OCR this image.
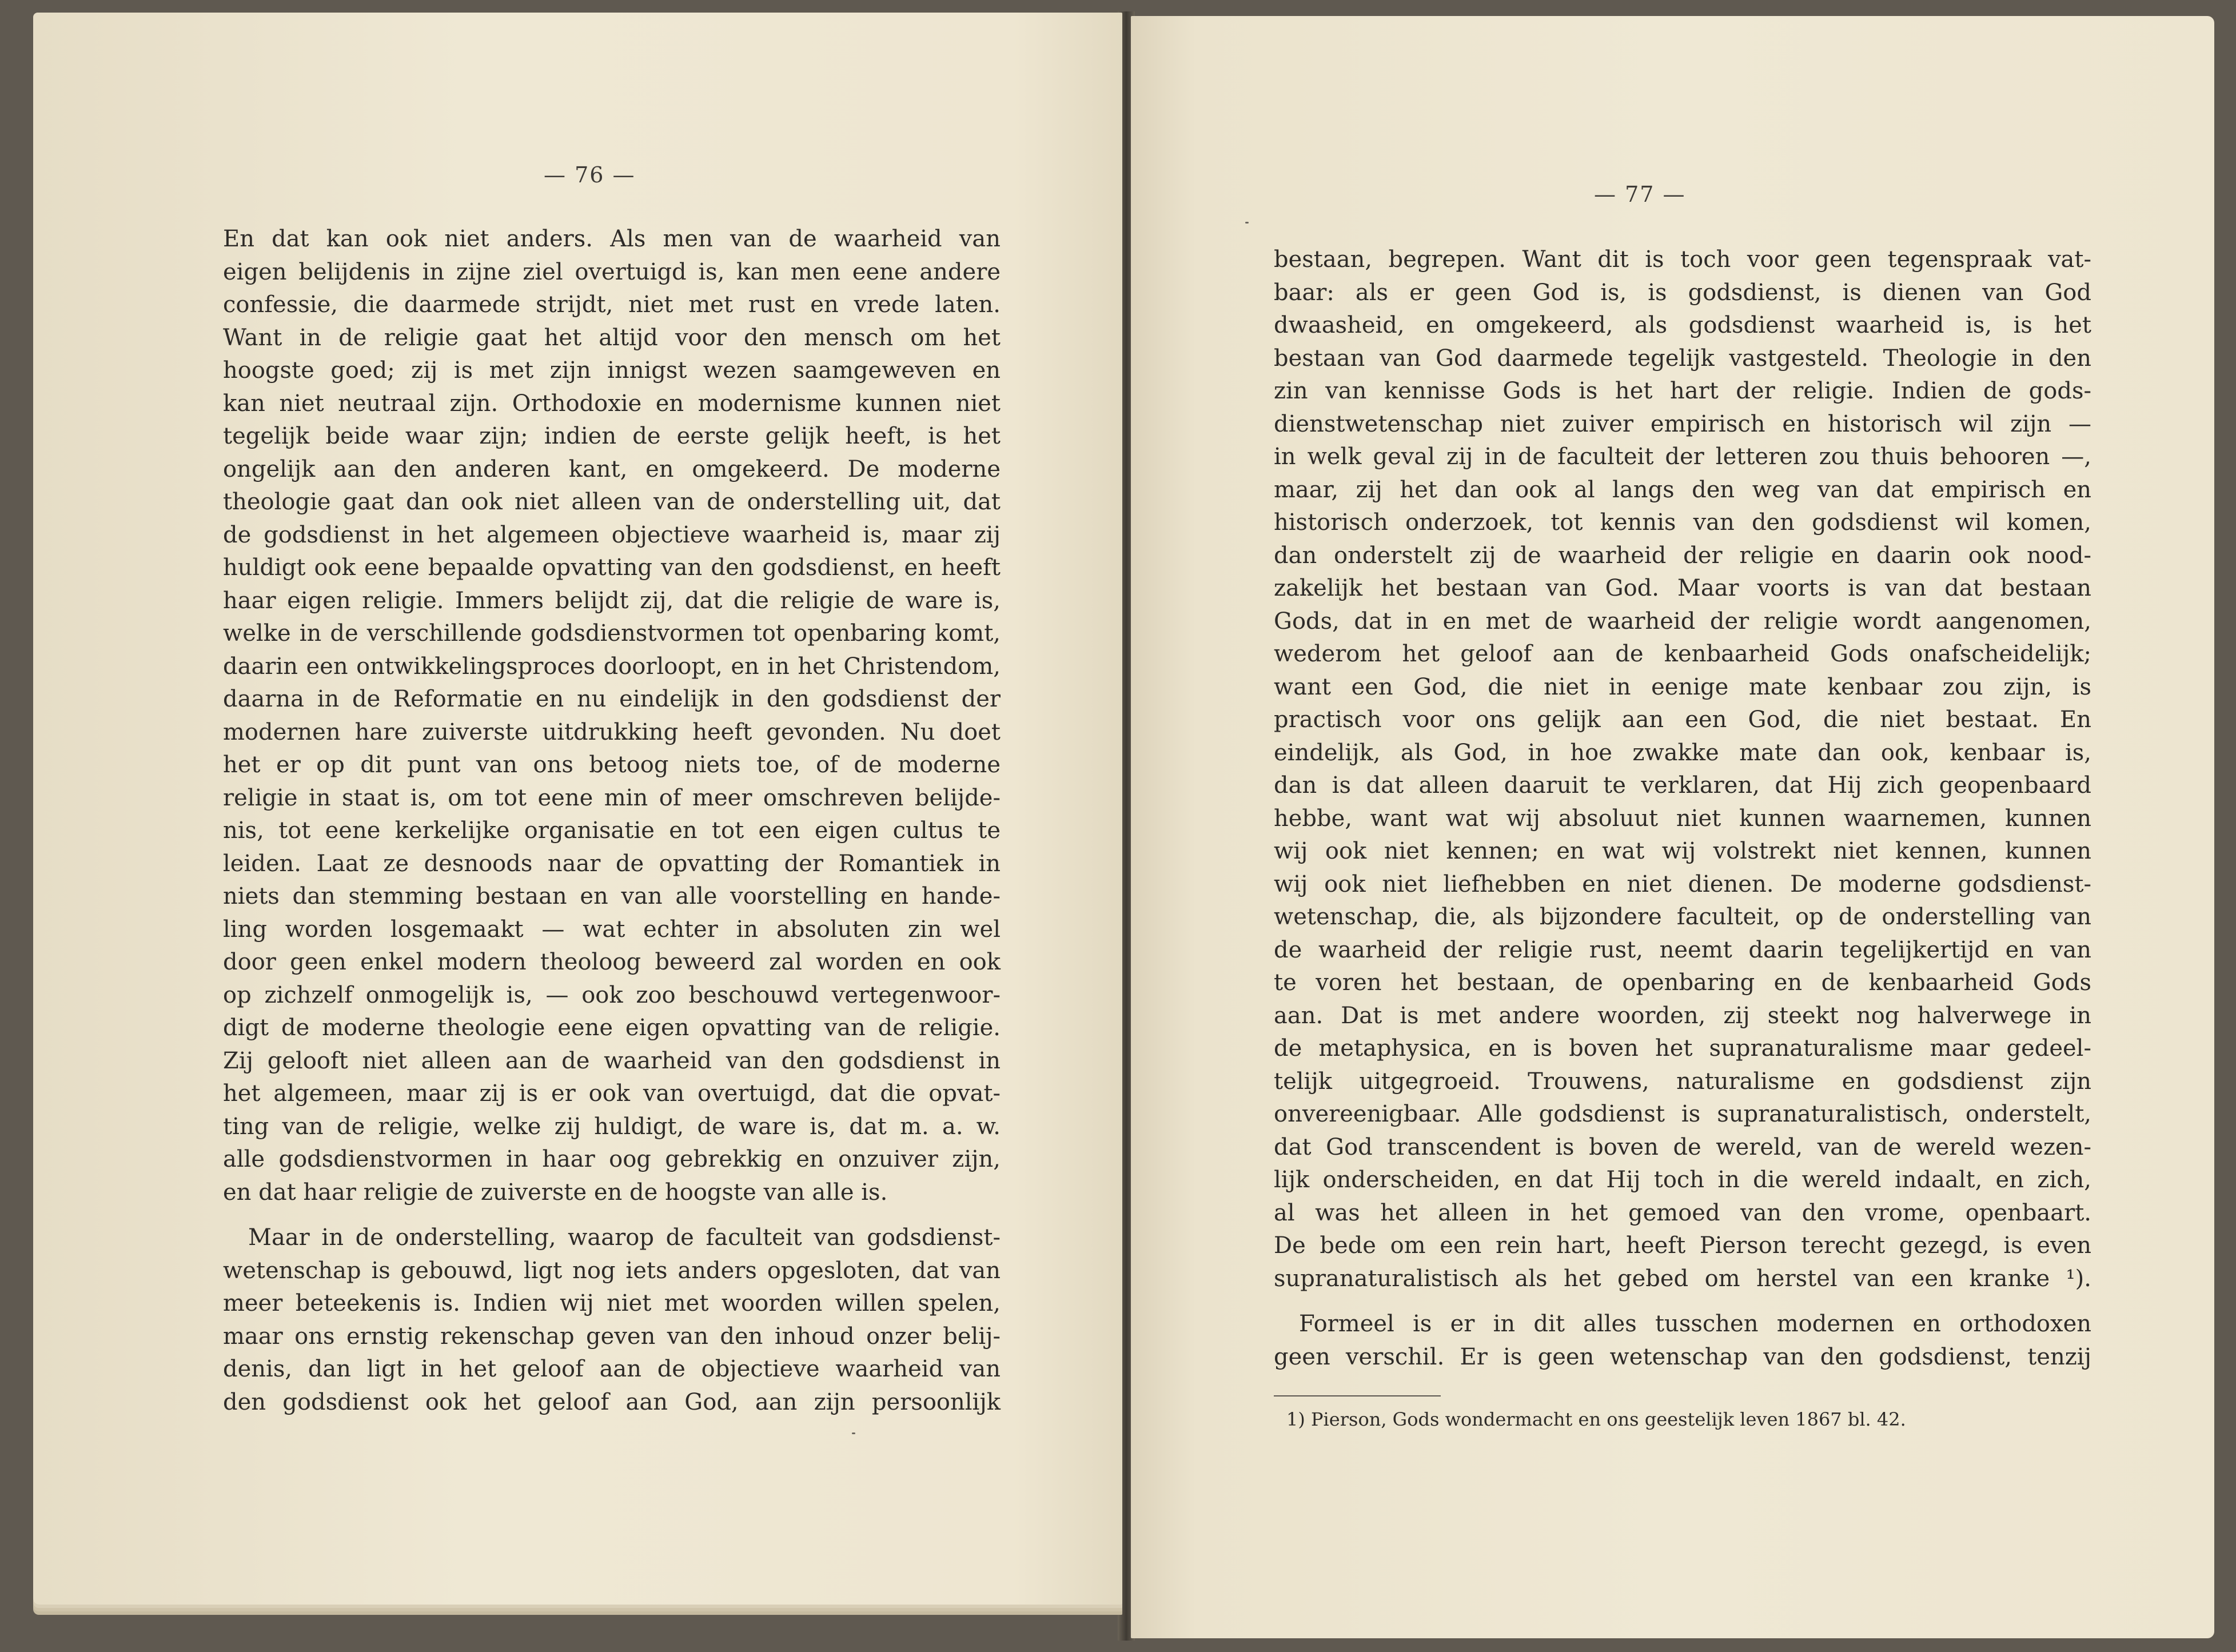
— 76 —
En dat kan ook niet anders. Als men van de waarheid van
eigen belijdenis in zijne ziel overtuigd is, kan men eene andere
confessie, die daarmede strijdt, niet met rust en vrede laten.
Want in de religie gaat het altijd voor den mensch om het
hoogste goed; zij is met zijn innigst wezen saamgeweven en
kan niet neutraal zijn. Orthodoxie en modernisme kunnen niet
tegelijk beide waar zijn; indien de eerste gelijk heeft, is het
ongelijk aan den anderen kant, en omgekeerd. De moderne
theologie gaat dan ook niet alleen van de onderstelling uit, dat
de godsdienst in het algemeen objectieve waarheid is, maar zij
huldigt ook eene bepaalde opvatting van den godsdienst, en heeft
haar eigen religie. Immers belijdt zij, dat die religie de ware is,
welke in de verschillende godsdienstvormen tot openbaring komt,
daarin een ontwikkelingsproces doorloopt, en in het Christendom,
daarna in de Reformatie en nu eindelijk in den godsdienst der
modernen hare zuiverste uitdrukking heeft gevonden. Nu doet
het er op dit punt van ons betoog niets toe, of de moderne
religie in staat is, om tot eene min of meer omschreven belijde-
nis, tot eene kerkelijke organisatie en tot een eigen cultus te
leiden. Laat ze desnoods naar de opvatting der Romantiek in
niets dan stemming bestaan en van alle voorstelling en hande-
ling worden losgemaakt — wat echter in absoluten zin wel
door geen enkel modern theoloog beweerd zal worden en ook
op zichzelf onmogelijk is, — ook zoo beschouwd vertegenwoor-
digt de moderne theologie eene eigen opvatting van de religie.
Zij gelooft niet alleen aan de waarheid van den godsdienst in
het algemeen, maar zij is er ook van overtuigd, dat die opvat-
ting van de religie, welke zij huldigt, de ware is, dat m. a. w.
alle godsdienstvormen in haar oog gebrekkig en onzuiver zijn,
en dat haar religie de zuiverste en de hoogste van alle is.
Maar in de onderstelling, waarop de faculteit van godsdienst-
wetenschap is gebouwd, ligt nog iets anders opgesloten, dat van
meer beteekenis is. Indien wij niet met woorden willen spelen,
maar ons ernstig rekenschap geven van den inhoud onzer belij-
denis, dan ligt in het geloof aan de objectieve waarheid van
den godsdienst ook het geloof aan God, aan zijn persoonlijk
— 77 —
bestaan, begrepen. Want dit is toch voor geen tegenspraak vat-
baar: als er geen God is, is godsdienst, is dienen van God
dwaasheid, en omgekeerd, als godsdienst waarheid is, is het
bestaan van God daarmede tegelijk vastgesteld. Theologie in den
zin van kennisse Gods is het hart der religie. Indien de gods-
dienstwetenschap niet zuiver empirisch en historisch wil zijn —
in welk geval zij in de faculteit der letteren zou thuis behooren —,
maar, zij het dan ook al langs den weg van dat empirisch en
historisch onderzoek, tot kennis van den godsdienst wil komen,
dan onderstelt zij de waarheid der religie en daarin ook nood-
zakelijk het bestaan van God. Maar voorts is van dat bestaan
Gods, dat in en met de waarheid der religie wordt aangenomen,
wederom het geloof aan de kenbaarheid Gods onafscheidelijk;
want een God, die niet in eenige mate kenbaar zou zijn, is
practisch voor ons gelijk aan een God, die niet bestaat. En
eindelijk, als God, in hoe zwakke mate dan ook, kenbaar is,
dan is dat alleen daaruit te verklaren, dat Hij zich geopenbaard
hebbe, want wat wij absoluut niet kunnen waarnemen, kunnen
wij ook niet kennen; en wat wij volstrekt niet kennen, kunnen
wij ook niet liefhebben en niet dienen. De moderne godsdienst-
wetenschap, die, als bijzondere faculteit, op de onderstelling van
de waarheid der religie rust, neemt daarin tegelijkertijd en van
te voren het bestaan, de openbaring en de kenbaarheid Gods
aan. Dat is met andere woorden, zij steekt nog halverwege in
de metaphysica, en is boven het supranaturalisme maar gedeel-
telijk uitgegroeid. Trouwens, naturalisme en godsdienst zijn
onvereenigbaar. Alle godsdienst is supranaturalistisch, onderstelt,
dat God transcendent is boven de wereld, van de wereld wezen-
lijk onderscheiden, en dat Hij toch in die wereld indaalt, en zich,
al was het alleen in het gemoed van den vrome, openbaart.
De bede om een rein hart, heeft Pierson terecht gezegd, is even
supranaturalistisch als het gebed om herstel van een kranke ¹).
Formeel is er in dit alles tusschen modernen en orthodoxen
geen verschil. Er is geen wetenschap van den godsdienst, tenzij
1) Pierson, Gods wondermacht en ons geestelijk leven 1867 bl. 42.
